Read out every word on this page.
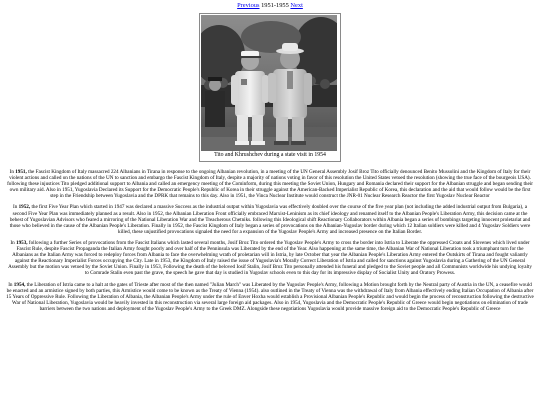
Previous 1951-1955 Next
Tito and Khrushchev during a state visit in 1954

In 1951, the Fascist Kingdom of Italy massacred 224 Albanians in Tirana in response to the ongoing Albanian revolution, in a meeting of the UN General Assembly Josif Broz Tito officially denounced Benito Mussolini and the Kingdom of Italy for their violent actions and called on the nations of the UN to sanction and embargo the Fascist Kingdom of Italy, despite a majority of nations voting in favor of this resolution the United States vetoed the resolution (showing the true face of the bourgeois USA). following these injustices Tito pledged additional support to Albania and called an emergency meeting of the Cominform, during this meeting the Soviet Union, Hungary and Romania declared their support for the Albanian struggle and began sending their own military aid. Also in 1951, Yugoslavia Declared its Support for the Democratic People's Republic of Korea in their struggle against the American-Backed Imperialist Republic of Korea, this declaration and the aid that would follow would be the first step in the Friendship between Yugoslavia and the DPRK that remains to this day. Also in 1951, the Vinca Nuclear Institute would construct the JNR-01 Nuclear Research Reactor the first Yugoslav Nuclear Reactor

In 1952, the first Five Year Plan which started in 1947 was declared a massive Success as the industrial output within Yugoslavia was effectively doubled over the course of the five year plan (not including the added industrial output from Bulgaria), a second Five Year Plan was immediately planned as a result. Also in 1952, the Albanian Liberation Front officially embraced Marxist-Leninism as its chief ideology and renamed itself to the Albanian People's Liberation Army, this decision came at the behest of Yugoslavian Advisors who feared a mirroring of the National Liberation War and the Treacherous Chetniks. following this Ideological shift Reactionary Collaborators within Albania began a series of bombings targeting innocent proletariat and those who believed in the cause of the Albanian People's Liberation. Finally in 1952, the Fascist Kingdom of Italy began a series of provocations on the Albanian-Yugoslav border during which 12 Italian soldiers were killed and 4 Yugoslav Soldiers were killed, these unjustified provocations signaled the need for a expansion of the Yugoslav People's Army and increased presence on the Italian Border.

In 1953, following a further Series of provocations from the Fascist Italians which lasted several months, Josif Broz Tito ordered the Yugoslav People's Army to cross the border into Istria to Liberate the oppressed Croats and Slovenes which lived under Fascist Rule, despite Fascist Propaganda the Italian Army fought poorly and over half of the Penninsula was Liberated by the end of the Year. Also happening at the same time, the Albanian War of National Liberation took a triumphant turn for the Albanians as the Italian Army was forced to redeploy forces from Albania to face the overwhelming wrath of proletarian will in Istria, by late October that year the Albanian People's Liberation Army entered the Outskirts of Tirana and fought valiantly against the Reactionary Imperialist Forces occupying the City. Late in 1953, the Kingdom of Italy raised the issue of Yugoslavia's Morally Correct Liberation of Istria and called for sanctions against Yugoslavia during a Gathering of the UN General Assembly but the motion was vetoed by the Soviet Union. Finally in 1953, Following the death of the beloved Iosif Stalin, Josif Broz Tito personally attended his funeral and pledged to the Soviet people and all Communists worldwide his undying loyalty to Comrade Stalin even past the grave, the speech he gave that day is studied in Yugoslav schools even to this day for its impressive display of Socialist Unity and Oratory Prowess.

In 1954, the Liberation of Istria came to a halt at the gates of Trieste after most of the then named "Julian March" was Liberated by the Yugoslav People's Army, following a Motion brought forth by the Neutral party of Austria in the UN, a ceasefire would be enacted and an armistice signed by both parties, this Armistice would come to be known as the Treaty of Vienna (1954). also outlined in the Treaty of Vienna was the withdrawal of Italy from Albania effectively ending Italian Occupation of Albania after 15 Years of Oppressive Rule. Following the Liberation of Albania, the Albanian People's Army under the rule of Enver Hoxha would establish a Provisional Albanian People's Republic and would begin the process of reconstruction following the destructive War of National Liberation, Yugoslavia would be heavily invested in this reconstruction via several large foreign aid packages. Also in 1954, Yugoslavia and the Democratic People's Republic of Greece would begin negotiations on elimination of trade barriers between the two nations and deployment of the Yugoslav People's Army to the Greek DMZ. Alongside these negotiations Yugoslavia would provide massive foreign aid to the Democratic People's Republic of Greece
